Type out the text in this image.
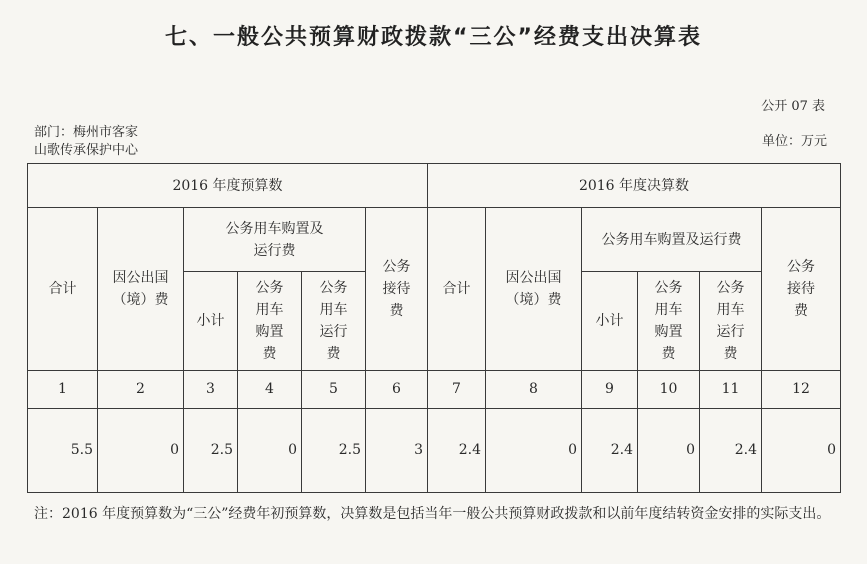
七、一般公共预算财政拨款“三公”经费支出决算表
公开 07 表
部门：梅州市客家
山歌传承保护中心
单位：万元
2016 年度预算数						2016 年度决算数					
合计	因公出国（境）费	公务用车购置及运行费			公务接待费	合计	因公出国（境）费	公务用车购置及运行费			公务接待费
		小计	公务用车购置费	公务用车运行费				小计	公务用车购置费	公务用车运行费	
1	2	3	4	5	6	7	8	9	10	11	12
5.5	0	2.5	0	2.5	3	2.4	0	2.4	0	2.4	0
注：2016 年度预算数为“三公”经费年初预算数，决算数是包括当年一般公共预算财政拨款和以前年度结转资金安排的实际支出。
